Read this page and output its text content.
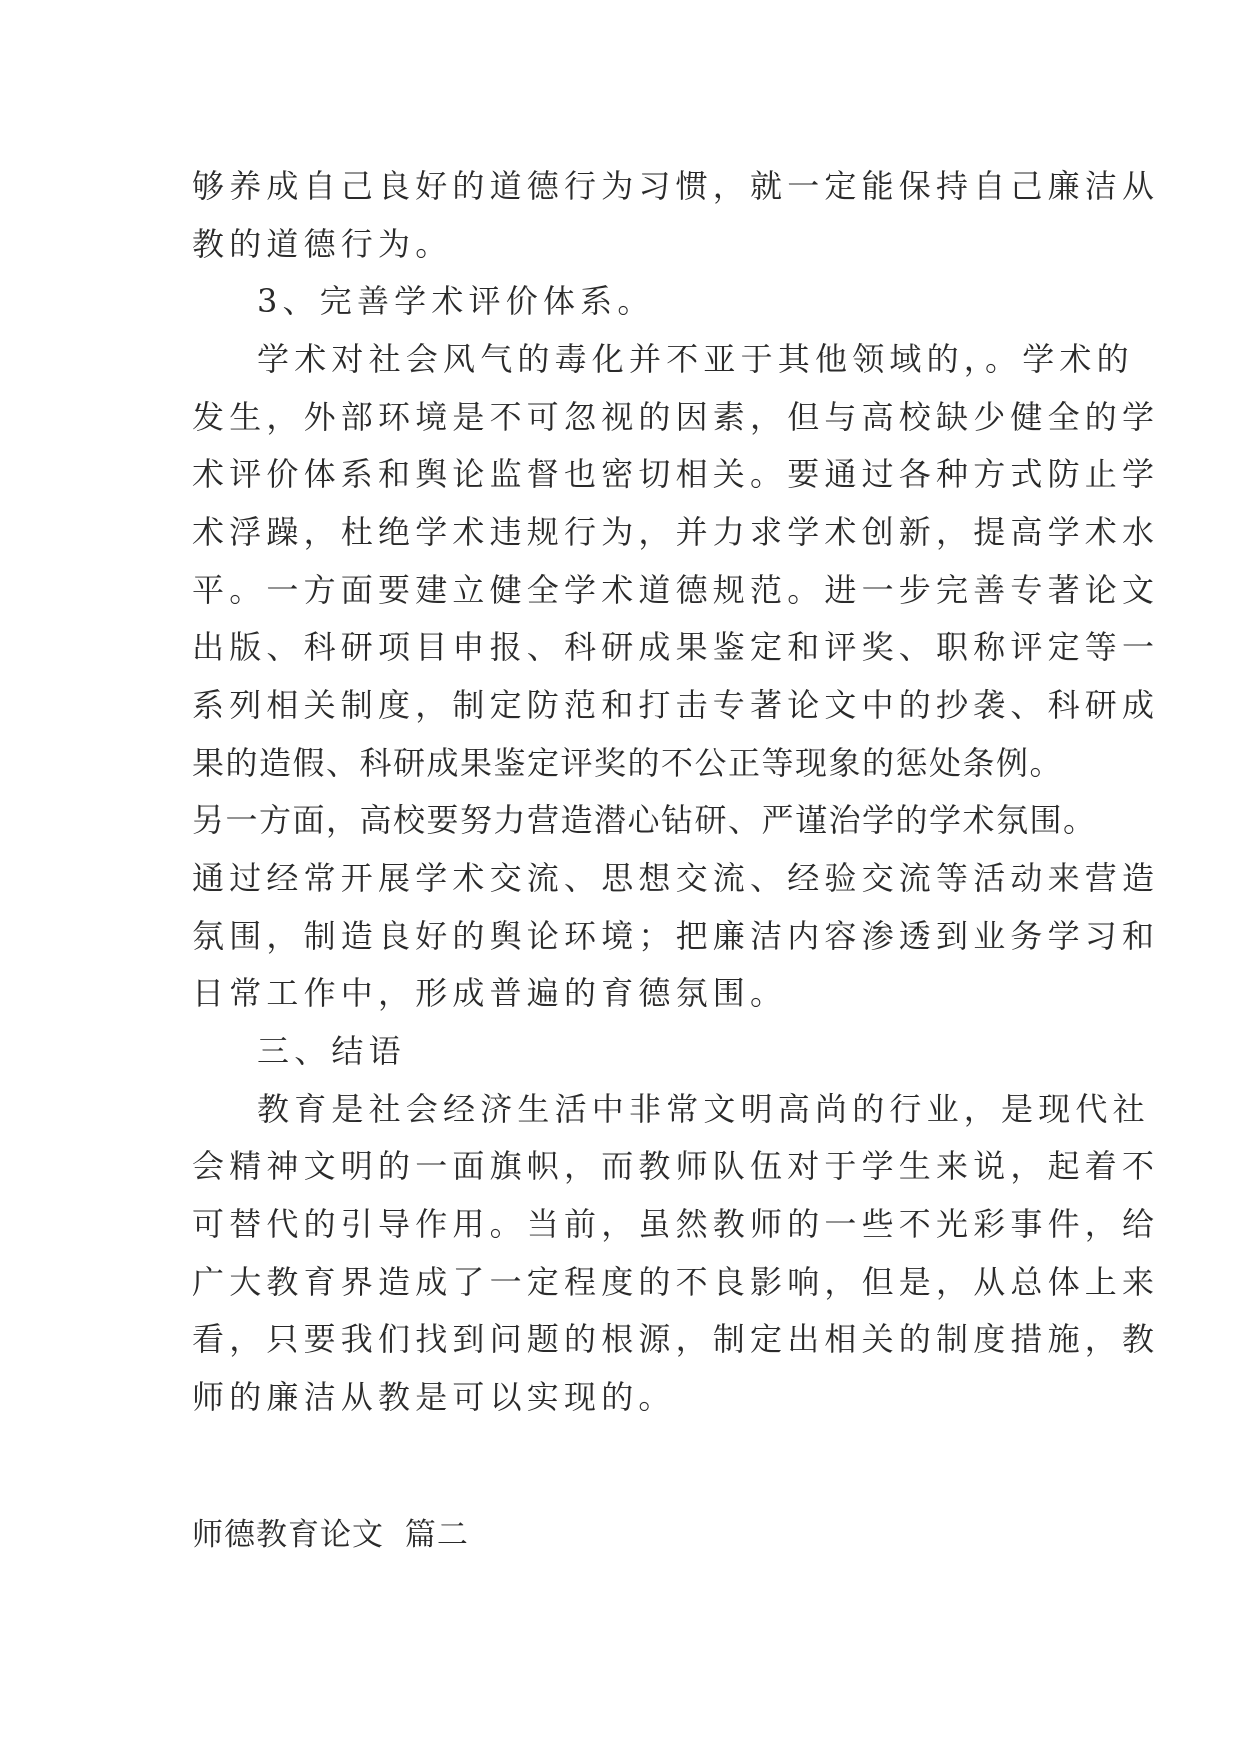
够养成自己良好的道德行为习惯，就一定能保持自己廉洁从
教的道德行为。
3、完善学术评价体系。
学术对社会风气的毒化并不亚于其他领域的，。学术的
发生，外部环境是不可忽视的因素，但与高校缺少健全的学
术评价体系和舆论监督也密切相关。要通过各种方式防止学
术浮躁，杜绝学术违规行为，并力求学术创新，提高学术水
平。一方面要建立健全学术道德规范。进一步完善专著论文
出版、科研项目申报、科研成果鉴定和评奖、职称评定等一
系列相关制度，制定防范和打击专著论文中的抄袭、科研成
果的造假、科研成果鉴定评奖的不公正等现象的惩处条例。
另一方面，高校要努力营造潜心钻研、严谨治学的学术氛围。
通过经常开展学术交流、思想交流、经验交流等活动来营造
氛围，制造良好的舆论环境；把廉洁内容渗透到业务学习和
日常工作中，形成普遍的育德氛围。
三、结语
教育是社会经济生活中非常文明高尚的行业，是现代社
会精神文明的一面旗帜，而教师队伍对于学生来说，起着不
可替代的引导作用。当前，虽然教师的一些不光彩事件，给
广大教育界造成了一定程度的不良影响，但是，从总体上来
看，只要我们找到问题的根源，制定出相关的制度措施，教
师的廉洁从教是可以实现的。
师德教育论文 篇二
